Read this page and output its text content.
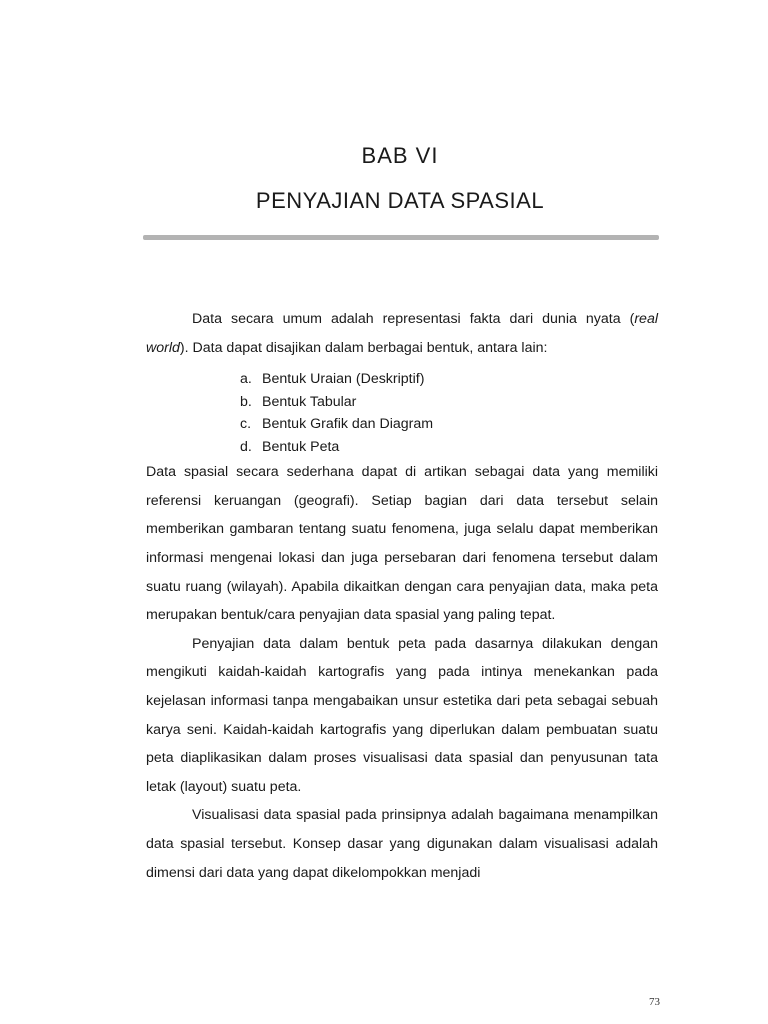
BAB VI
PENYAJIAN DATA SPASIAL

Data secara umum adalah representasi fakta dari dunia nyata (real world). Data dapat disajikan dalam berbagai bentuk, antara lain:

a. Bentuk Uraian (Deskriptif)
b. Bentuk Tabular
c. Bentuk Grafik dan Diagram
d. Bentuk Peta

Data spasial secara sederhana dapat di artikan sebagai data yang memiliki referensi keruangan (geografi). Setiap bagian dari data tersebut selain memberikan gambaran tentang suatu fenomena, juga selalu dapat memberikan informasi mengenai lokasi dan juga persebaran dari fenomena tersebut dalam suatu ruang (wilayah). Apabila dikaitkan dengan cara penyajian data, maka peta merupakan bentuk/cara penyajian data spasial yang paling tepat.

Penyajian data dalam bentuk peta pada dasarnya dilakukan dengan mengikuti kaidah-kaidah kartografis yang pada intinya menekankan pada kejelasan informasi tanpa mengabaikan unsur estetika dari peta sebagai sebuah karya seni. Kaidah-kaidah kartografis yang diperlukan dalam pembuatan suatu peta diaplikasikan dalam proses visualisasi data spasial dan penyusunan tata letak (layout) suatu peta.

Visualisasi data spasial pada prinsipnya adalah bagaimana menampilkan data spasial tersebut. Konsep dasar yang digunakan dalam visualisasi adalah dimensi dari data yang dapat dikelompokkan menjadi

73
